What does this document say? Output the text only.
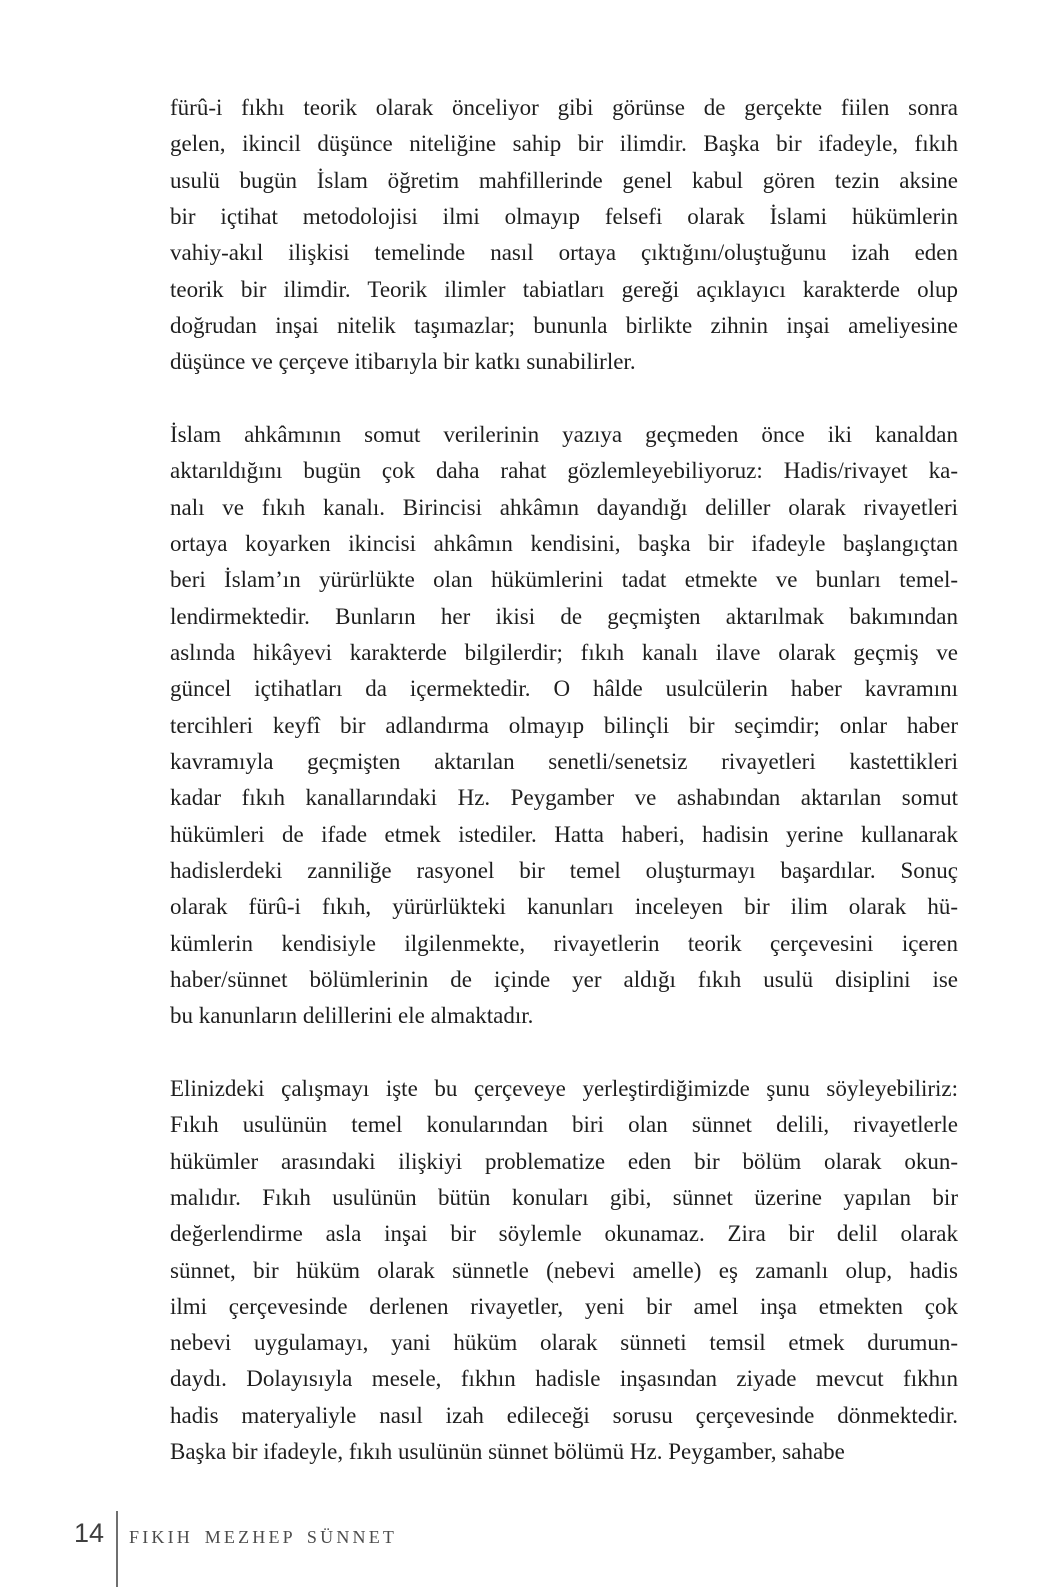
fürû-i fıkhı teorik olarak önceliyor gibi görünse de gerçekte fiilen sonra
gelen, ikincil düşünce niteliğine sahip bir ilimdir. Başka bir ifadeyle, fıkıh
usulü bugün İslam öğretim mahfillerinde genel kabul gören tezin aksine
bir içtihat metodolojisi ilmi olmayıp felsefi olarak İslami hükümlerin
vahiy-akıl ilişkisi temelinde nasıl ortaya çıktığını/oluştuğunu izah eden
teorik bir ilimdir. Teorik ilimler tabiatları gereği açıklayıcı karakterde olup
doğrudan inşai nitelik taşımazlar; bununla birlikte zihnin inşai ameliyesine
düşünce ve çerçeve itibarıyla bir katkı sunabilirler.
İslam ahkâmının somut verilerinin yazıya geçmeden önce iki kanaldan
aktarıldığını bugün çok daha rahat gözlemleyebiliyoruz: Hadis/rivayet ka-
nalı ve fıkıh kanalı. Birincisi ahkâmın dayandığı deliller olarak rivayetleri
ortaya koyarken ikincisi ahkâmın kendisini, başka bir ifadeyle başlangıçtan
beri İslam’ın yürürlükte olan hükümlerini tadat etmekte ve bunları temel-
lendirmektedir. Bunların her ikisi de geçmişten aktarılmak bakımından
aslında hikâyevi karakterde bilgilerdir; fıkıh kanalı ilave olarak geçmiş ve
güncel içtihatları da içermektedir. O hâlde usulcülerin haber kavramını
tercihleri keyfî bir adlandırma olmayıp bilinçli bir seçimdir; onlar haber
kavramıyla geçmişten aktarılan senetli/senetsiz rivayetleri kastettikleri
kadar fıkıh kanallarındaki Hz. Peygamber ve ashabından aktarılan somut
hükümleri de ifade etmek istediler. Hatta haberi, hadisin yerine kullanarak
hadislerdeki zanniliğe rasyonel bir temel oluşturmayı başardılar. Sonuç
olarak fürû-i fıkıh, yürürlükteki kanunları inceleyen bir ilim olarak hü-
kümlerin kendisiyle ilgilenmekte, rivayetlerin teorik çerçevesini içeren
haber/sünnet bölümlerinin de içinde yer aldığı fıkıh usulü disiplini ise
bu kanunların delillerini ele almaktadır.
Elinizdeki çalışmayı işte bu çerçeveye yerleştirdiğimizde şunu söyleyebiliriz:
Fıkıh usulünün temel konularından biri olan sünnet delili, rivayetlerle
hükümler arasındaki ilişkiyi problematize eden bir bölüm olarak okun-
malıdır. Fıkıh usulünün bütün konuları gibi, sünnet üzerine yapılan bir
değerlendirme asla inşai bir söylemle okunamaz. Zira bir delil olarak
sünnet, bir hüküm olarak sünnetle (nebevi amelle) eş zamanlı olup, hadis
ilmi çerçevesinde derlenen rivayetler, yeni bir amel inşa etmekten çok
nebevi uygulamayı, yani hüküm olarak sünneti temsil etmek durumun-
daydı. Dolayısıyla mesele, fıkhın hadisle inşasından ziyade mevcut fıkhın
hadis materyaliyle nasıl izah edileceği sorusu çerçevesinde dönmektedir.
Başka bir ifadeyle, fıkıh usulünün sünnet bölümü Hz. Peygamber, sahabe
14 FIKIH MEZHEP SÜNNET
